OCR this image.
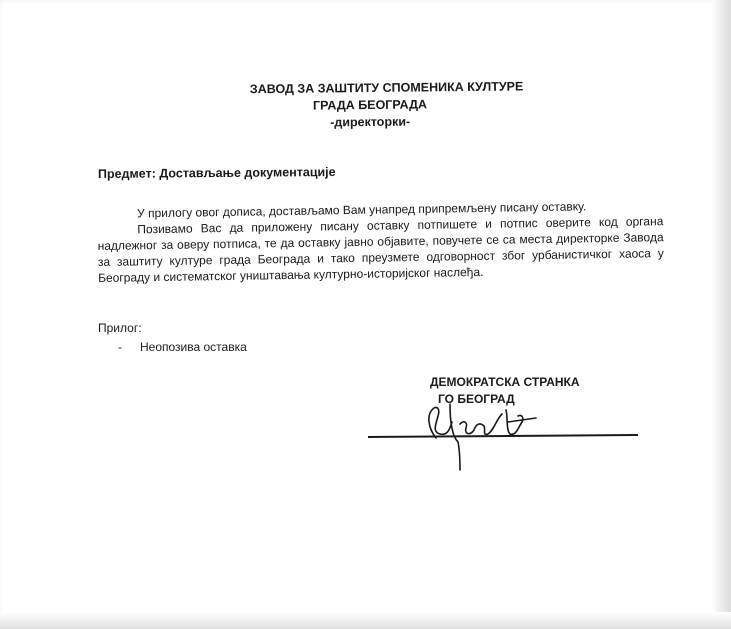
ЗАВОД ЗА ЗАШТИТУ СПОМЕНИКА КУЛТУРЕ
ГРАДА БЕОГРАДА
-директорки-
Предмет: Достављање документације

У прилогу овог дописа, достављамо Вам унапред припремљену писану оставку.

Позивамо Вас да приложену писану оставку потпишете и потпис оверите код органа надлежног за оверу потписа, те да оставку јавно објавите, повучете се са места директорке Завода за заштиту културе града Београда и тако преузмете одговорност због урбанистичког хаоса у Београду и систематског уништавања културно-историјског наслеђа.

Прилог:
- Неопозива оставка
ДЕМОКРАТСКА СТРАНКА
ГО БЕОГРАД
